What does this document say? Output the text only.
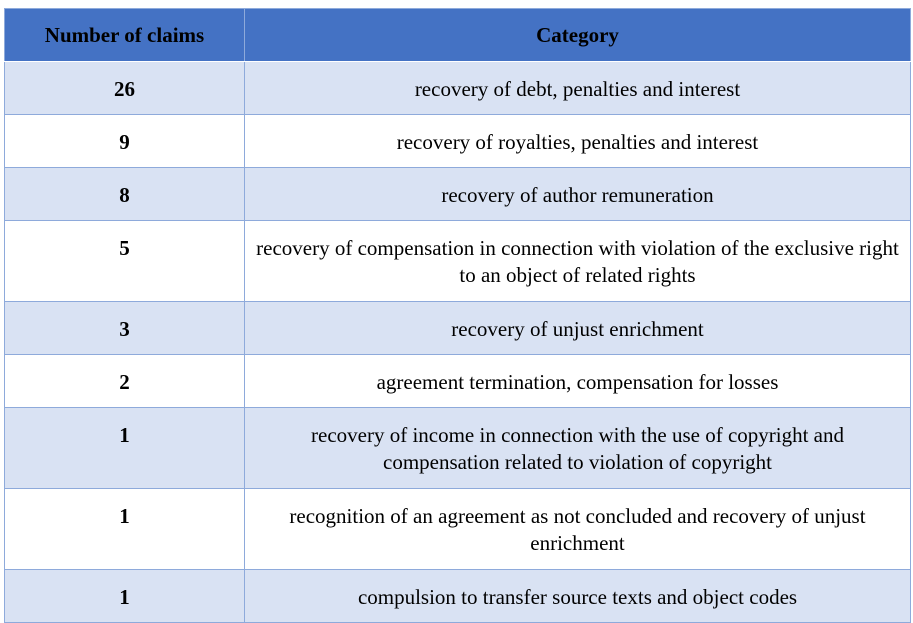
Number of claims	Category
26	recovery of debt, penalties and interest
9	recovery of royalties, penalties and interest
8	recovery of author remuneration
5	recovery of compensation in connection with violation of the exclusive right to an object of related rights
3	recovery of unjust enrichment
2	agreement termination, compensation for losses
1	recovery of income in connection with the use of copyright and compensation related to violation of copyright
1	recognition of an agreement as not concluded and recovery of unjust enrichment
1	compulsion to transfer source texts and object codes
